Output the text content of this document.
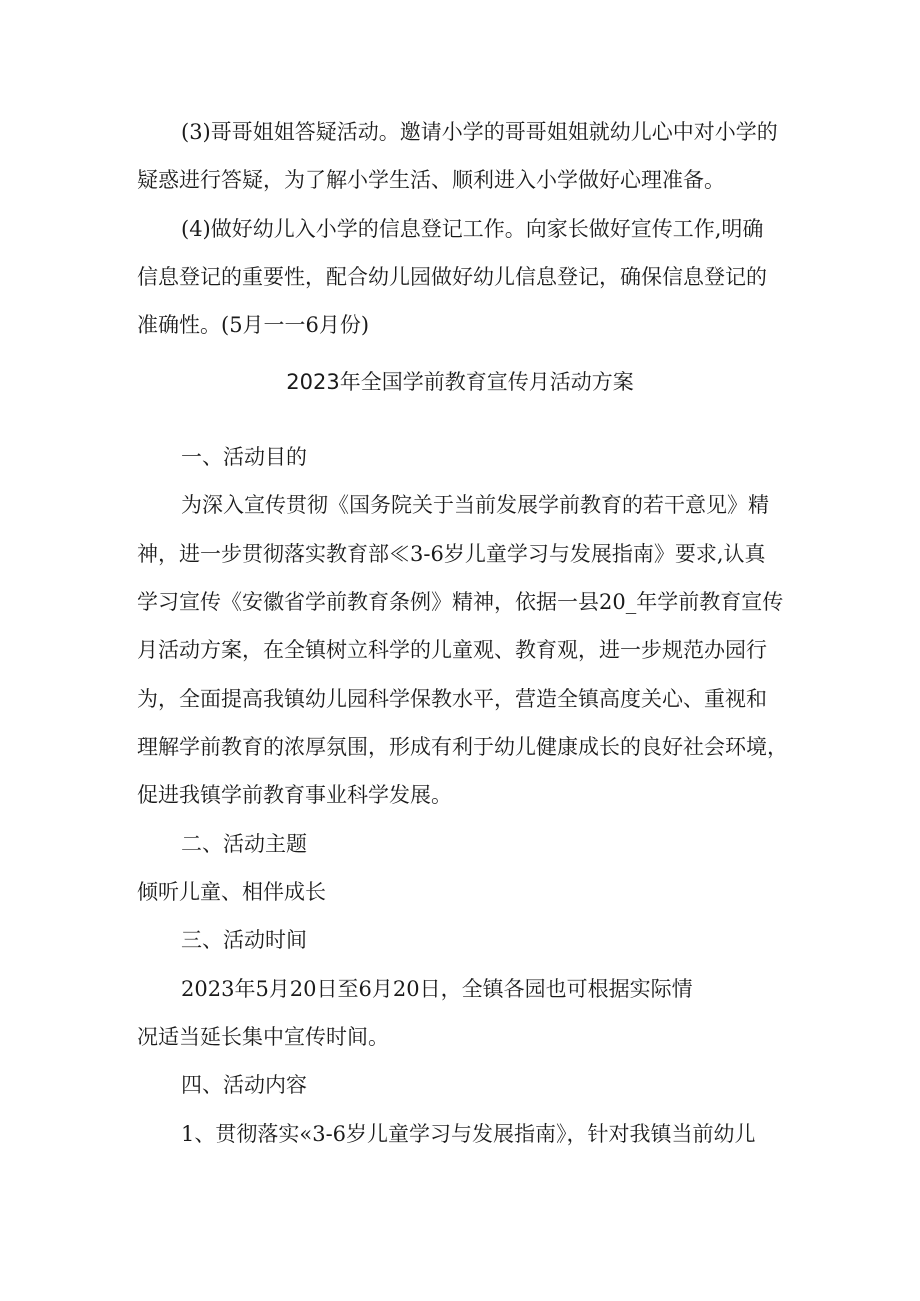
(3)哥哥姐姐答疑活动。邀请小学的哥哥姐姐就幼儿心中对小学的
疑惑进行答疑，为了解小学生活、顺利进入小学做好心理准备。
(4)做好幼儿入小学的信息登记工作。向家长做好宣传工作,明确
信息登记的重要性，配合幼儿园做好幼儿信息登记，确保信息登记的
准确性。(5月一一6月份)
2023年全国学前教育宣传月活动方案
一、活动目的
为深入宣传贯彻《国务院关于当前发展学前教育的若干意见》精
神，进一步贯彻落实教育部≪3-6岁儿童学习与发展指南》要求,认真
学习宣传《安徽省学前教育条例》精神，依据一县20_年学前教育宣传
月活动方案，在全镇树立科学的儿童观、教育观，进一步规范办园行
为，全面提高我镇幼儿园科学保教水平，营造全镇高度关心、重视和
理解学前教育的浓厚氛围，形成有利于幼儿健康成长的良好社会环境，
促进我镇学前教育事业科学发展。
二、活动主题
倾听儿童、相伴成长
三、活动时间
2023年5月20日至6月20日，全镇各园也可根据实际情
况适当延长集中宣传时间。
四、活动内容
1、贯彻落实«3-6岁儿童学习与发展指南》，针对我镇当前幼儿
